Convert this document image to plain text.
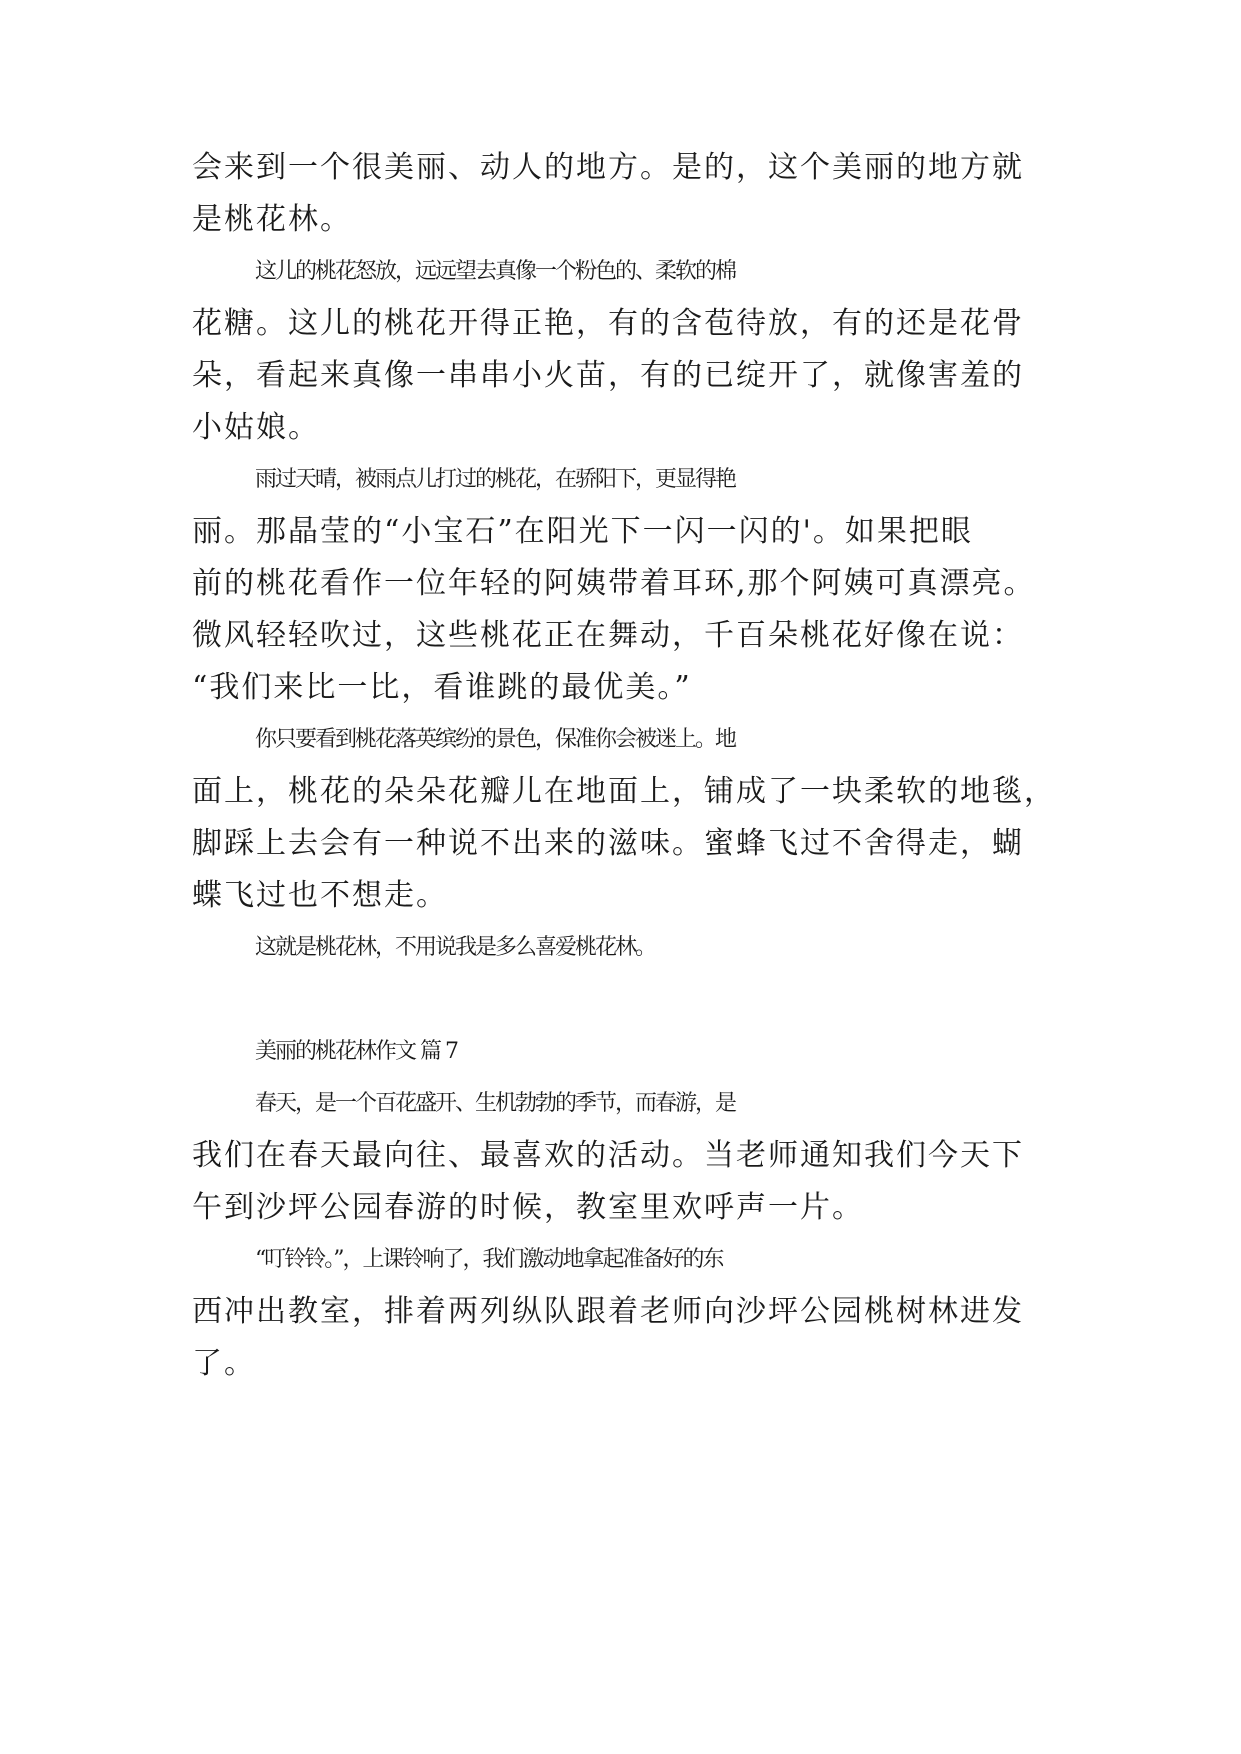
会来到一个很美丽、动人的地方。是的，这个美丽的地方就
是桃花林。
这儿的桃花怒放，远远望去真像一个粉色的、柔软的棉
花糖。这儿的桃花开得正艳，有的含苞待放，有的还是花骨
朵，看起来真像一串串小火苗，有的已绽开了，就像害羞的
小姑娘。
雨过天晴，被雨点儿打过的桃花，在骄阳下，更显得艳
丽。那晶莹的“小宝石”在阳光下一闪一闪的'。如果把眼
前的桃花看作一位年轻的阿姨带着耳环,那个阿姨可真漂亮。
微风轻轻吹过，这些桃花正在舞动，千百朵桃花好像在说：
“我们来比一比，看谁跳的最优美。”
你只要看到桃花落英缤纷的景色，保准你会被迷上。地
面上，桃花的朵朵花瓣儿在地面上，铺成了一块柔软的地毯，
脚踩上去会有一种说不出来的滋味。蜜蜂飞过不舍得走，蝴
蝶飞过也不想走。
这就是桃花林，不用说我是多么喜爱桃花林。
美丽的桃花林作文 篇 7
春天，是一个百花盛开、生机勃勃的季节，而春游，是
我们在春天最向往、最喜欢的活动。当老师通知我们今天下
午到沙坪公园春游的时候，教室里欢呼声一片。
“叮铃铃。”，上课铃响了，我们激动地拿起准备好的东
西冲出教室，排着两列纵队跟着老师向沙坪公园桃树林进发
了。
